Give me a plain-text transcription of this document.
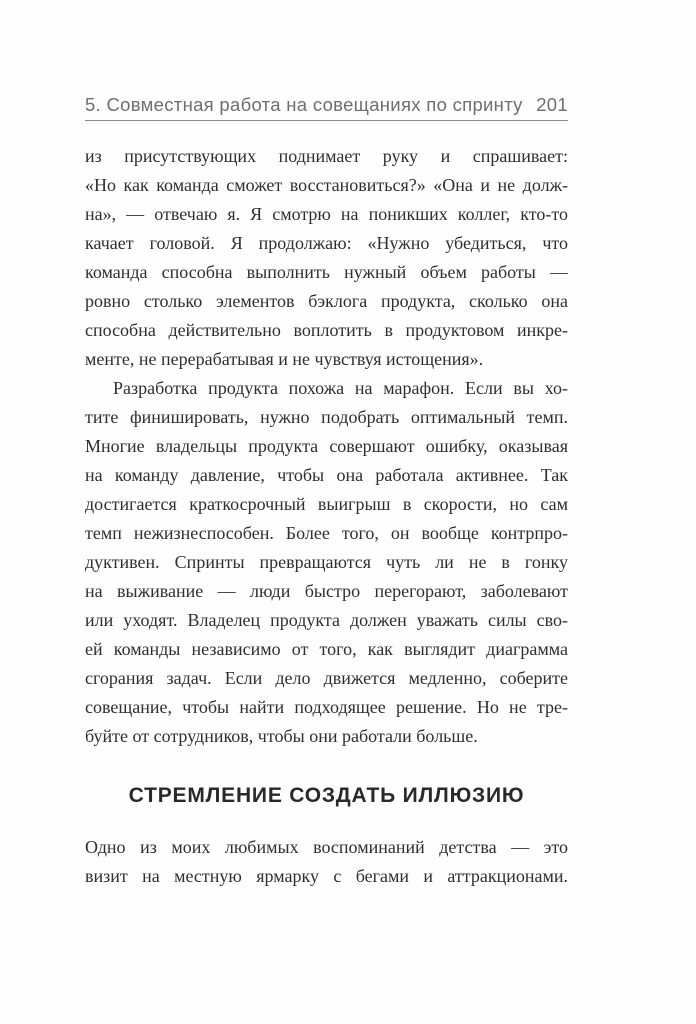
5. Совместная работа на совещаниях по спринту 201
из присутствующих поднимает руку и спрашивает:
«Но как команда сможет восстановиться?» «Она и не долж-
на», — отвечаю я. Я смотрю на поникших коллег, кто-то
качает головой. Я продолжаю: «Нужно убедиться, что
команда способна выполнить нужный объем работы —
ровно столько элементов бэклога продукта, сколько она
способна действительно воплотить в продуктовом инкре-
менте, не перерабатывая и не чувствуя истощения».
Разработка продукта похожа на марафон. Если вы хо-
тите финишировать, нужно подобрать оптимальный темп.
Многие владельцы продукта совершают ошибку, оказывая
на команду давление, чтобы она работала активнее. Так
достигается краткосрочный выигрыш в скорости, но сам
темп нежизнеспособен. Более того, он вообще контрпро-
дуктивен. Спринты превращаются чуть ли не в гонку
на выживание — люди быстро перегорают, заболевают
или уходят. Владелец продукта должен уважать силы сво-
ей команды независимо от того, как выглядит диаграмма
сгорания задач. Если дело движется медленно, соберите
совещание, чтобы найти подходящее решение. Но не тре-
буйте от сотрудников, чтобы они работали больше.
СТРЕМЛЕНИЕ СОЗДАТЬ ИЛЛЮЗИЮ
Одно из моих любимых воспоминаний детства — это
визит на местную ярмарку с бегами и аттракционами.
